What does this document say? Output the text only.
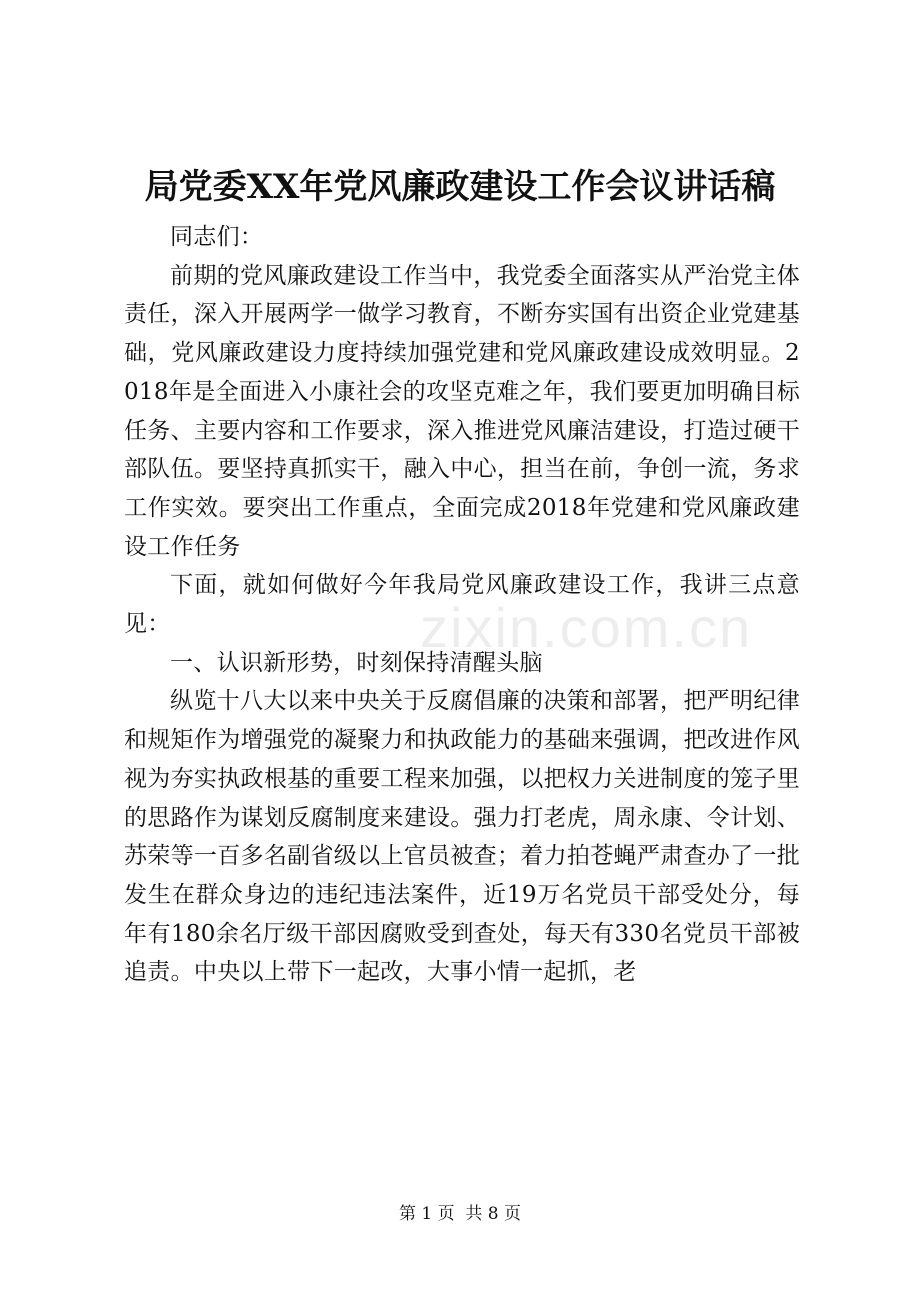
局党委XX年党风廉政建设工作会议讲话稿

同志们：

前期的党风廉政建设工作当中，我党委全面落实从严治党主体责任，深入开展两学一做学习教育，不断夯实国有出资企业党建基础，党风廉政建设力度持续加强党建和党风廉政建设成效明显。2018年是全面进入小康社会的攻坚克难之年，我们要更加明确目标任务、主要内容和工作要求，深入推进党风廉洁建设，打造过硬干部队伍。要坚持真抓实干，融入中心，担当在前，争创一流，务求工作实效。要突出工作重点，全面完成2018年党建和党风廉政建设工作任务

下面，就如何做好今年我局党风廉政建设工作，我讲三点意见：

一、认识新形势，时刻保持清醒头脑

纵览十八大以来中央关于反腐倡廉的决策和部署，把严明纪律和规矩作为增强党的凝聚力和执政能力的基础来强调，把改进作风视为夯实执政根基的重要工程来加强，以把权力关进制度的笼子里的思路作为谋划反腐制度来建设。强力打老虎，周永康、令计划、苏荣等一百多名副省级以上官员被查；着力拍苍蝇严肃查办了一批发生在群众身边的违纪违法案件，近19万名党员干部受处分，每年有180余名厅级干部因腐败受到查处，每天有330名党员干部被追责。中央以上带下一起改，大事小情一起抓，老

zixin.com.cn
第 1 页  共 8 页
